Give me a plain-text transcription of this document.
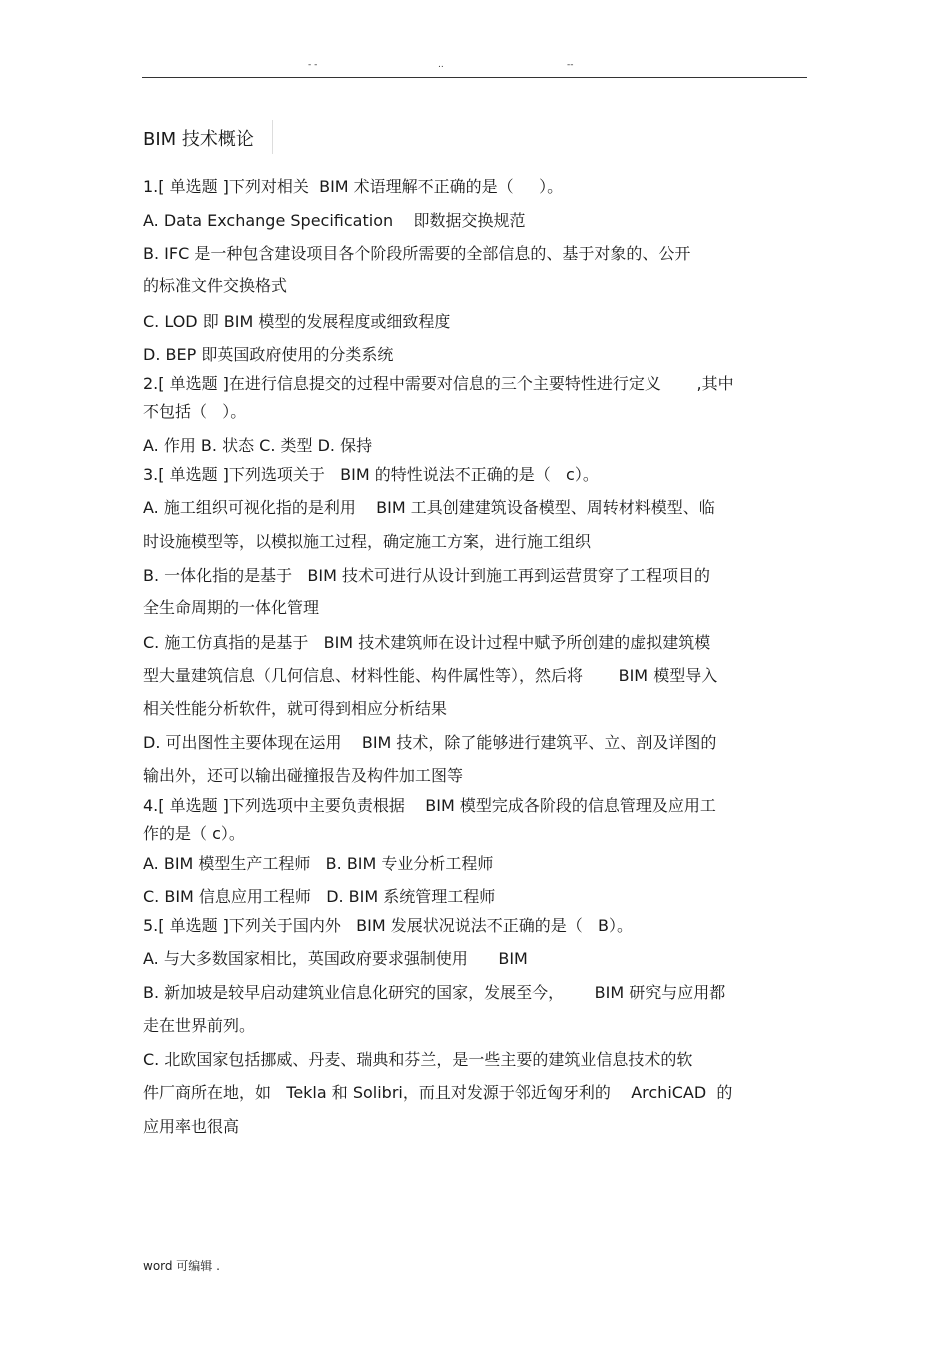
- -	..	--
BIM 技术概论
1.[ 单选题 ]下列对相关  BIM 术语理解不正确的是（     ）。
A. Data Exchange Specification    即数据交换规范
B. IFC 是一种包含建设项目各个阶段所需要的全部信息的、基于对象的、公开
的标准文件交换格式
C. LOD 即 BIM 模型的发展程度或细致程度
D. BEP 即英国政府使用的分类系统
2.[ 单选题 ]在进行信息提交的过程中需要对信息的三个主要特性进行定义       ,其中
不包括（   ）。
A. 作用 B. 状态 C. 类型 D. 保持
3.[ 单选题 ]下列选项关于   BIM 的特性说法不正确的是（   c）。
A. 施工组织可视化指的是利用    BIM 工具创建建筑设备模型、周转材料模型、临
时设施模型等，以模拟施工过程，确定施工方案，进行施工组织
B. 一体化指的是基于   BIM 技术可进行从设计到施工再到运营贯穿了工程项目的
全生命周期的一体化管理
C. 施工仿真指的是基于   BIM 技术建筑师在设计过程中赋予所创建的虚拟建筑模
型大量建筑信息（几何信息、材料性能、构件属性等），然后将       BIM 模型导入
相关性能分析软件，就可得到相应分析结果
D. 可出图性主要体现在运用    BIM 技术，除了能够进行建筑平、立、剖及详图的
输出外，还可以输出碰撞报告及构件加工图等
4.[ 单选题 ]下列选项中主要负责根据    BIM 模型完成各阶段的信息管理及应用工
作的是（ c）。
A. BIM 模型生产工程师   B. BIM 专业分析工程师
C. BIM 信息应用工程师   D. BIM 系统管理工程师
5.[ 单选题 ]下列关于国内外   BIM 发展状况说法不正确的是（   B）。
A. 与大多数国家相比，英国政府要求强制使用      BIM
B. 新加坡是较早启动建筑业信息化研究的国家，发展至今，      BIM 研究与应用都
走在世界前列。
C. 北欧国家包括挪威、丹麦、瑞典和芬兰，是一些主要的建筑业信息技术的软
件厂商所在地，如   Tekla 和 Solibri，而且对发源于邻近匈牙利的    ArchiCAD  的
应用率也很高
word 可编辑 .
